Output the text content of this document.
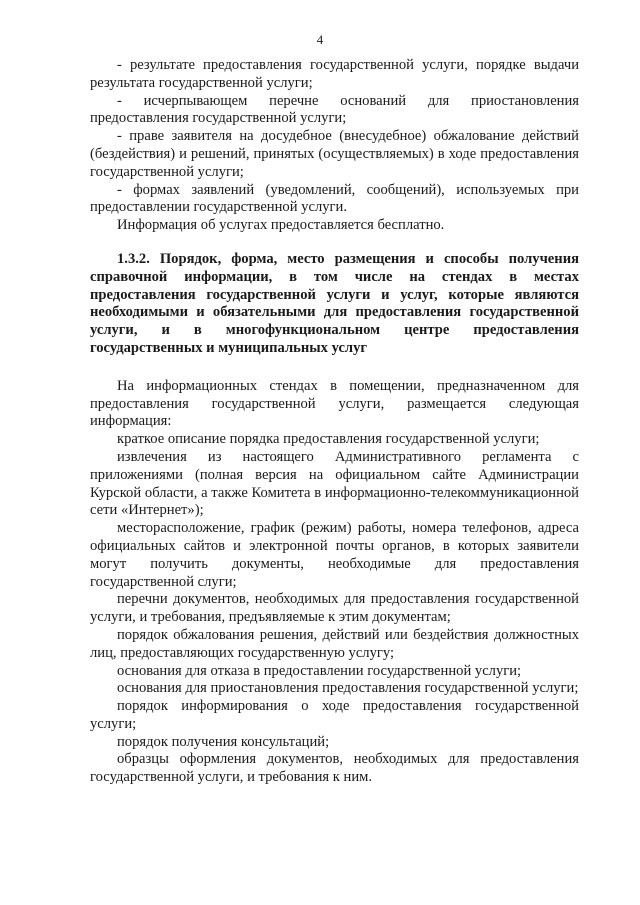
4

- результате предоставления государственной услуги, порядке выдачи результата государственной услуги;

- исчерпывающем перечне оснований для приостановления предоставления государственной услуги;

- праве заявителя на досудебное (внесудебное) обжалование действий (бездействия) и решений, принятых (осуществляемых) в ходе предоставления государственной услуги;

- формах заявлений (уведомлений, сообщений), используемых при предоставлении государственной услуги.

Информация об услугах предоставляется бесплатно.

1.3.2. Порядок, форма, место размещения и способы получения справочной информации, в том числе на стендах в местах предоставления государственной услуги и услуг, которые являются необходимыми и обязательными для предоставления государственной услуги, и в многофункциональном центре предоставления государственных и муниципальных услуг

На информационных стендах в помещении, предназначенном для предоставления государственной услуги, размещается следующая информация:

краткое описание порядка предоставления государственной услуги;

извлечения из настоящего Административного регламента с приложениями (полная версия на официальном сайте Администрации Курской области, а также Комитета в информационно-телекоммуникационной сети «Интернет»);

месторасположение, график (режим) работы, номера телефонов, адреса официальных сайтов и электронной почты органов, в которых заявители могут получить документы, необходимые для предоставления государственной слуги;

перечни документов, необходимых для предоставления государственной услуги, и требования, предъявляемые к этим документам;

порядок обжалования решения, действий или бездействия должностных лиц, предоставляющих государственную услугу;

основания для отказа в предоставлении государственной услуги;

основания для приостановления предоставления государственной услуги;

порядок информирования о ходе предоставления государственной услуги;

порядок получения консультаций;

образцы оформления документов, необходимых для предоставления государственной услуги, и требования к ним.
